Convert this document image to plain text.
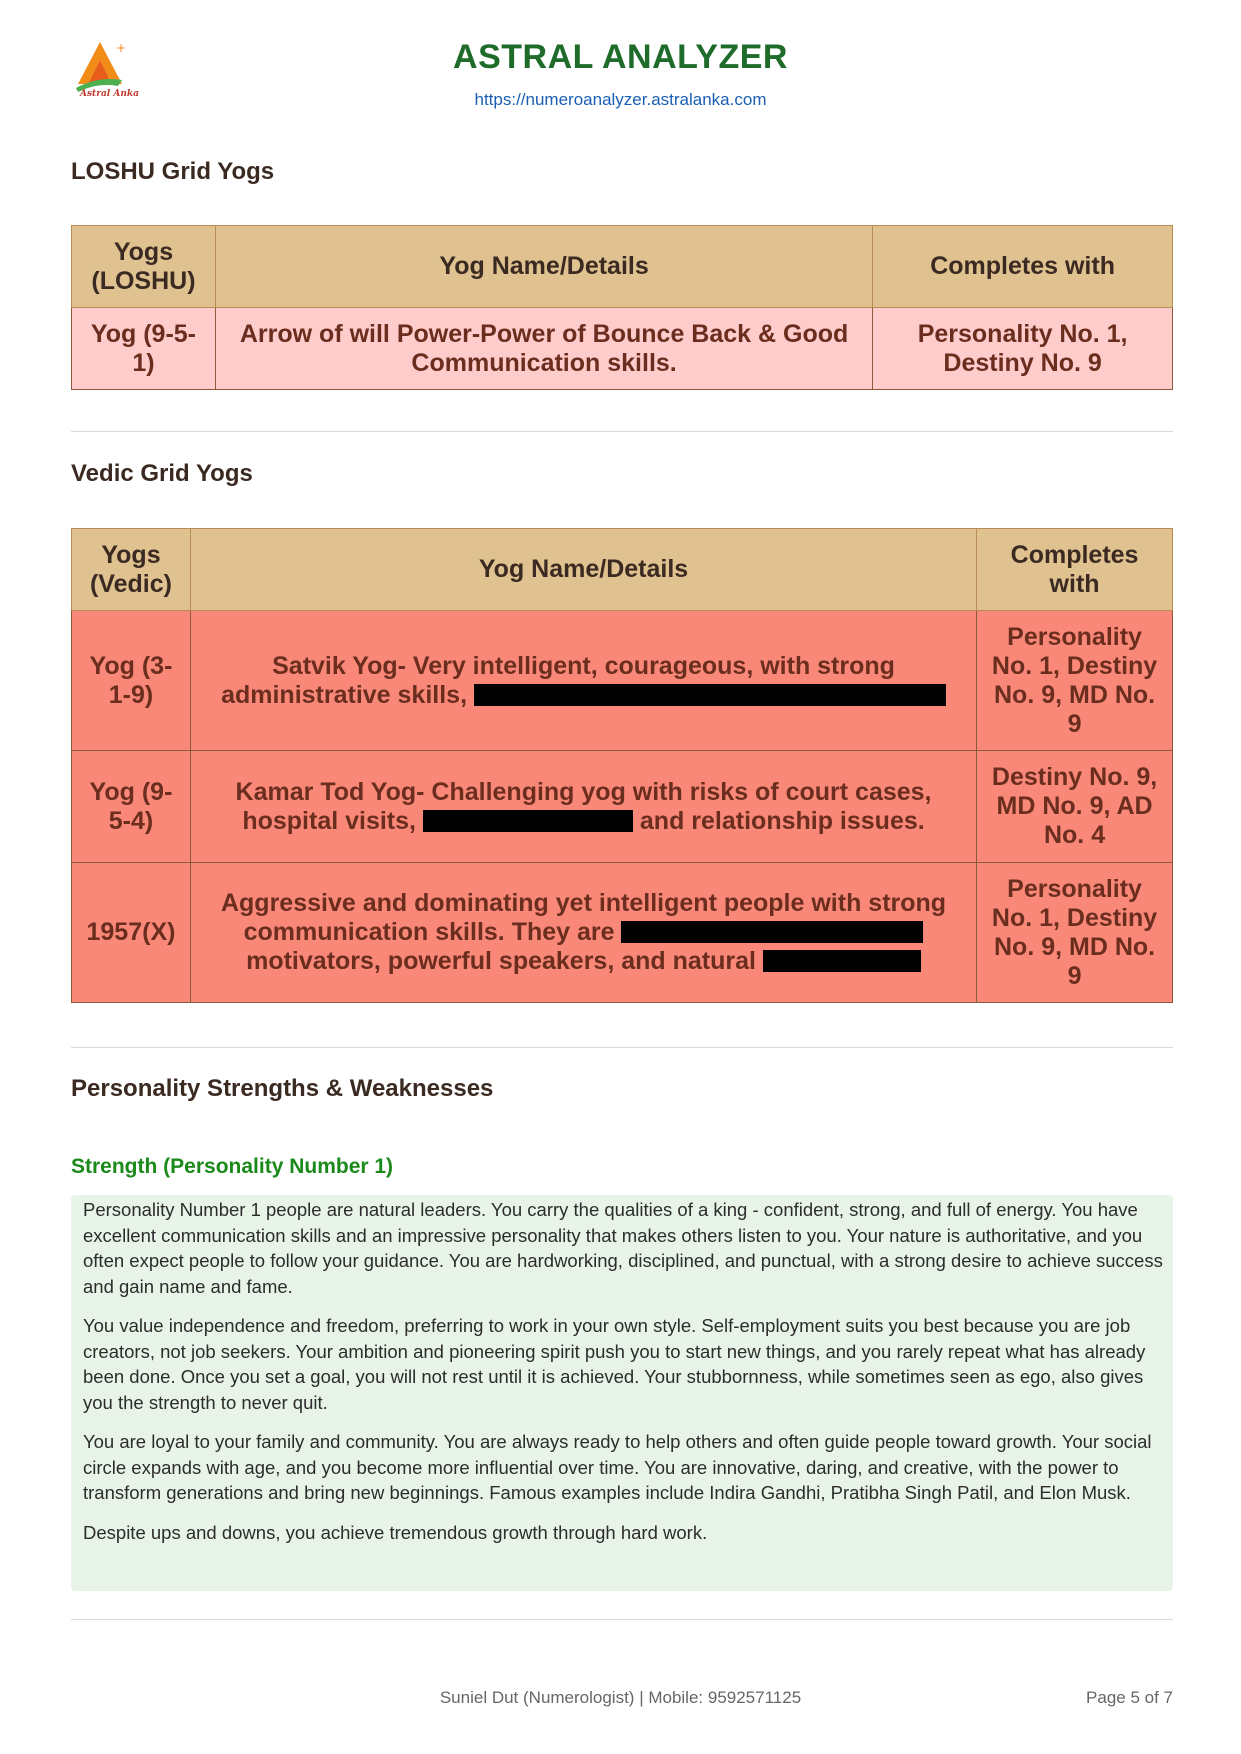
+
Astral Anka
ASTRAL ANALYZER
https://numeroanalyzer.astralanka.com
LOSHU Grid Yogs
Yogs (LOSHU)	Yog Name/Details	Completes with
Yog (9-5-1)	Arrow of will Power-Power of Bounce Back & Good Communication skills.	Personality No. 1, Destiny No. 9
Vedic Grid Yogs
Yogs (Vedic)	Yog Name/Details	Completes with
Yog (3-1-9)	Satvik Yog- Very intelligent, courageous, with strong administrative skills,	Personality No. 1, Destiny No. 9, MD No. 9
Yog (9-5-4)	Kamar Tod Yog- Challenging yog with risks of court cases, hospital visits, and relationship issues.	Destiny No. 9, MD No. 9, AD No. 4
1957(X)	Aggressive and dominating yet intelligent people with strong communication skills. They are  motivators, powerful speakers, and natural	Personality No. 1, Destiny No. 9, MD No. 9
Personality Strengths & Weaknesses
Strength (Personality Number 1)

Personality Number 1 people are natural leaders. You carry the qualities of a king - confident, strong, and full of energy. You have excellent communication skills and an impressive personality that makes others listen to you. Your nature is authoritative, and you often expect people to follow your guidance. You are hardworking, disciplined, and punctual, with a strong desire to achieve success and gain name and fame.

You value independence and freedom, preferring to work in your own style. Self-employment suits you best because you are job creators, not job seekers. Your ambition and pioneering spirit push you to start new things, and you rarely repeat what has already been done. Once you set a goal, you will not rest until it is achieved. Your stubbornness, while sometimes seen as ego, also gives you the strength to never quit.

You are loyal to your family and community. You are always ready to help others and often guide people toward growth. Your social circle expands with age, and you become more influential over time. You are innovative, daring, and creative, with the power to transform generations and bring new beginnings. Famous examples include Indira Gandhi, Pratibha Singh Patil, and Elon Musk.

Despite ups and downs, you achieve tremendous growth through hard work.

Suniel Dut (Numerologist) | Mobile: 9592571125	Page 5 of 7
